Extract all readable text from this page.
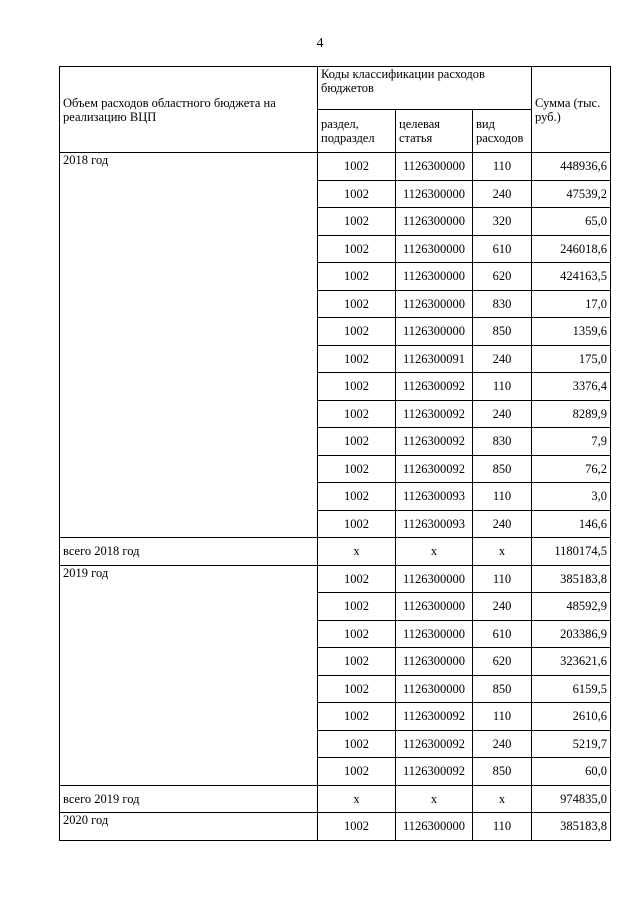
4
Объем расходов областного бюджета на реализацию ВЦП	Коды классификации расходов бюджетов			Сумма (тыс. руб.)
	раздел, подраздел	целевая статья	вид расходов	
2018 год	1002	1126300000	110	448936,6
	1002	1126300000	240	47539,2
	1002	1126300000	320	65,0
	1002	1126300000	610	246018,6
	1002	1126300000	620	424163,5
	1002	1126300000	830	17,0
	1002	1126300000	850	1359,6
	1002	1126300091	240	175,0
	1002	1126300092	110	3376,4
	1002	1126300092	240	8289,9
	1002	1126300092	830	7,9
	1002	1126300092	850	76,2
	1002	1126300093	110	3,0
	1002	1126300093	240	146,6
всего 2018 год	x	x	x	1180174,5
2019 год	1002	1126300000	110	385183,8
	1002	1126300000	240	48592,9
	1002	1126300000	610	203386,9
	1002	1126300000	620	323621,6
	1002	1126300000	850	6159,5
	1002	1126300092	110	2610,6
	1002	1126300092	240	5219,7
	1002	1126300092	850	60,0
всего 2019 год	x	x	x	974835,0
2020 год	1002	1126300000	110	385183,8
